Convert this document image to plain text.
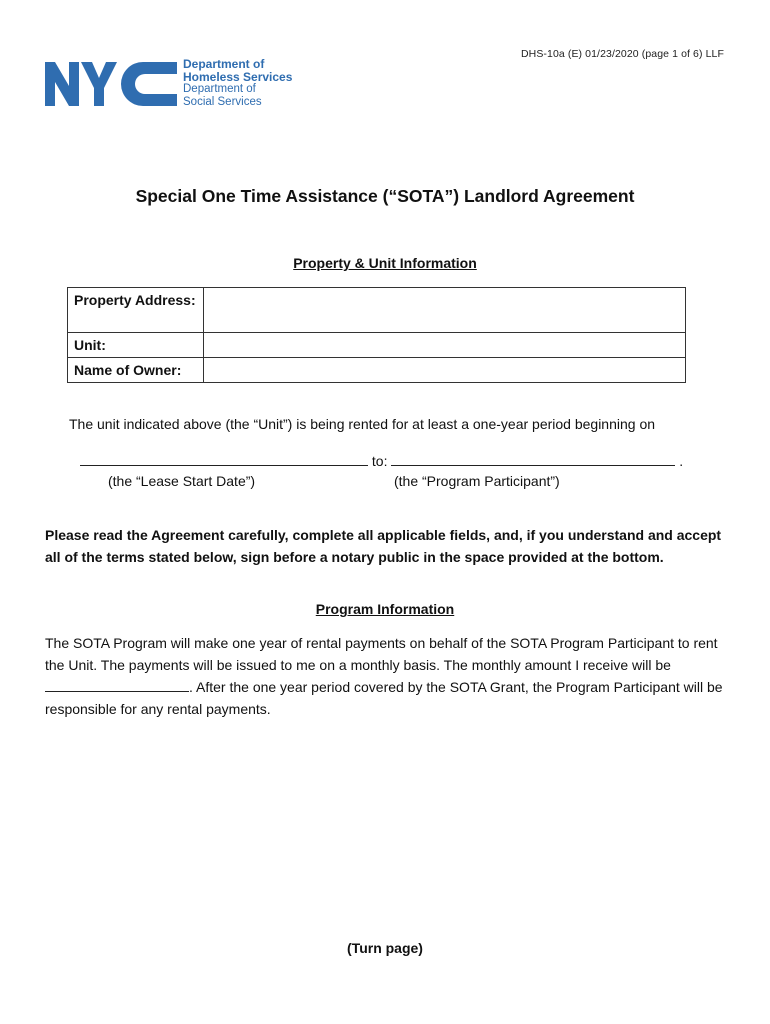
DHS-10a (E) 01/23/2020 (page 1 of 6) LLF
Department of
Homeless Services
Department of
Social Services
Special One Time Assistance (“SOTA”) Landlord Agreement
Property & Unit Information
Property Address:	
Unit:	
Name of Owner:	
The unit indicated above (the “Unit”) is being rented for at least a one-year period beginning on
to:	.
(the “Lease Start Date”)	(the “Program Participant”)
Please read the Agreement carefully, complete all applicable fields, and, if you understand and accept all of the terms stated below, sign before a notary public in the space provided at the bottom.
Program Information
The SOTA Program will make one year of rental payments on behalf of the SOTA Program Participant to rent the Unit. The payments will be issued to me on a monthly basis. The monthly amount I receive will be . After the one year period covered by the SOTA Grant, the Program Participant will be responsible for any rental payments.
(Turn page)
